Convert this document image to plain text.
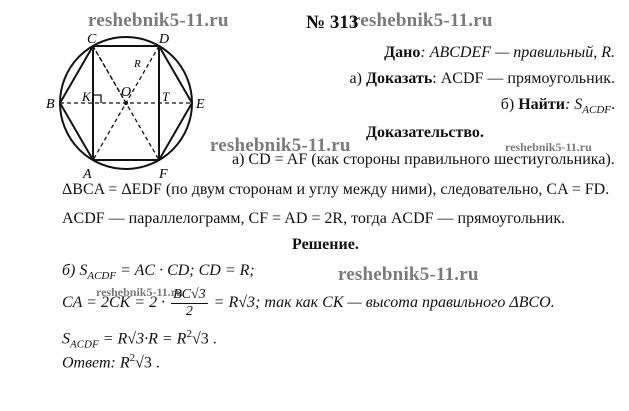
reshebnik5-11.ru	reshebnik5-11.ru
reshebnik5-11.ru	reshebnik5-11.ru
reshebnik5-11.ru
reshebnik5-11.ru
№ 313
Дано: ABCDEF — правильный, R.
а) Доказать: ACDF — прямоугольник.
б) Найти: $S_{ACDF}$.
C	D
B	E
A	F
K O T
R
Доказательство.
а) CD = AF (как стороны правильного шестиугольника).
ΔBCA = ΔEDF (по двум сторонам и углу между ними), следовательно, CA = FD.
ACDF — параллелограмм, CF = AD = 2R, тогда ACDF — прямоугольник.
Решение.
б) $S_{ACDF}$ = AC · CD; CD = R;
CA = $2CK = 2 \cdot \frac{BC√3}{2} = R√3$; так как CK — высота правильного ΔBCO.
$S_{ACDF} = R√3\cdot R = R^2√3$ .
Ответ: $R^2√3$ .
